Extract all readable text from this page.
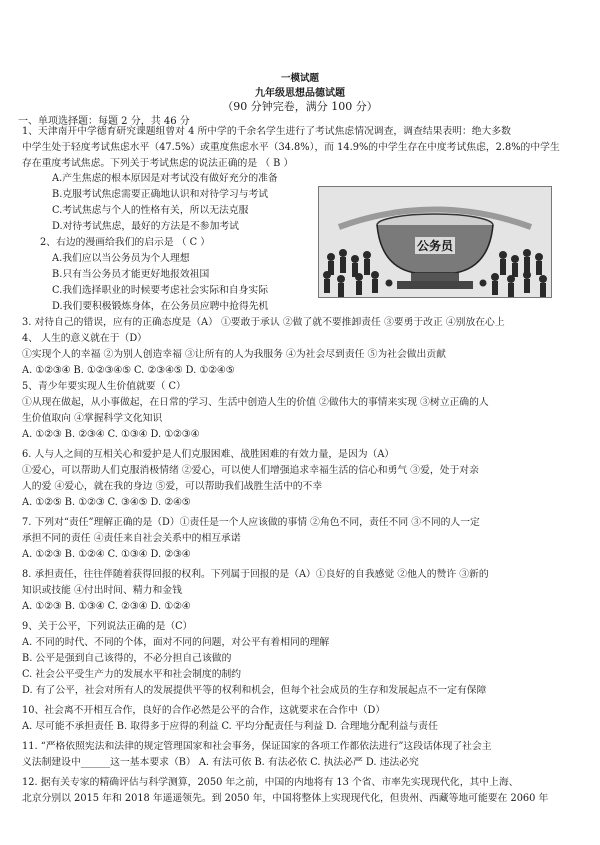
一模试题
九年级思想品德试题
（90 分钟完卷，满分 100 分）
一、单项选择题：每题 2 分，共 46 分
1、天津南开中学德育研究课题组曾对 4 所中学的千余名学生进行了考试焦虑情况调查，调查结果表明：绝大多数
中学生处于轻度考试焦虑水平（47.5%）或重度焦虑水平（34.8%），而 14.9%的中学生存在中度考试焦虑，2.8%的中学生
存在重度考试焦虑。下列关于考试焦虑的说法正确的是 （ B ）
A.产生焦虑的根本原因是对考试没有做好充分的准备
B.克服考试焦虑需要正确地认识和对待学习与考试
C.考试焦虑与个人的性格有关，所以无法克服
D.对待考试焦虑，最好的方法是不参加考试
2、右边的漫画给我们的启示是 （ C ）
A.我们应以当公务员为个人理想
B.只有当公务员才能更好地报效祖国
C.我们选择职业的时候要考虑社会实际和自身实际
D.我们要积极锻炼身体，在公务员应聘中抢得先机
公务员
3. 对待自己的错误，应有的正确态度是（A） ①要敢于承认 ②做了就不要推卸责任 ③要勇于改正 ④别放在心上
4、 人生的意义就在于（D）
①实现个人的幸福 ②为别人创造幸福 ③让所有的人为我服务 ④为社会尽到责任 ⑤为社会做出贡献
A. ①②③④ B. ①②③④⑤ C. ②③④⑤ D. ①②④⑤
5、青少年要实现人生价值就要（ C）
①从现在做起，从小事做起，在日常的学习、生活中创造人生的价值 ②做伟大的事情来实现 ③树立正确的人
生价值取向 ④掌握科学文化知识
A. ①②③ B. ②③④ C. ①③④ D. ①②③④
6. 人与人之间的互相关心和爱护是人们克服困难、战胜困难的有效力量，是因为（A）
①爱心，可以帮助人们克服消极情绪 ②爱心，可以使人们增强追求幸福生活的信心和勇气 ③爱，处于对亲
人的爱 ④爱心，就在我的身边 ⑤爱，可以帮助我们战胜生活中的不幸
A. ①②⑤ B. ①②③ C. ③④⑤ D. ②④⑤
7. 下列对“责任”理解正确的是（D）①责任是一个人应该做的事情 ②角色不同，责任不同 ③不同的人一定
承担不同的责任 ④责任来自社会关系中的相互承诺
A. ①②③ B. ①②④ C. ①③④ D. ②③④
8. 承担责任，往往伴随着获得回报的权利。下列属于回报的是（A）①良好的自我感觉 ②他人的赞许 ③新的
知识或技能 ④付出时间、精力和金钱
A. ①②③ B. ①③④ C. ②③④ D. ①②④
9、关于公平，下列说法正确的是（C）
A. 不同的时代、不同的个体，面对不同的问题，对公平有着相同的理解
B. 公平是强到自己该得的，不必分担自己该做的
C. 社会公平受生产力的发展水平和社会制度的制约
D. 有了公平，社会对所有人的发展提供平等的权利和机会，但每个社会成员的生存和发展起点不一定有保障
10、社会离不开相互合作，良好的合作必然是公平的合作，这就要求在合作中（D）
A. 尽可能不承担责任 B. 取得多于应得的利益 C. 平均分配责任与利益 D. 合理地分配利益与责任
11. “严格依照宪法和法律的规定管理国家和社会事务，保证国家的各项工作都依法进行”这段话体现了社会主
义法制建设中______这一基本要求（B） A. 有法可依 B. 有法必依 C. 执法必严 D. 违法必究
12. 据有关专家的精确评估与科学测算，2050 年之前，中国的内地将有 13 个省、市率先实现现代化，其中上海、
北京分别以 2015 年和 2018 年遥遥领先。到 2050 年，中国将整体上实现现代化，但贵州、西藏等地可能要在 2060 年
